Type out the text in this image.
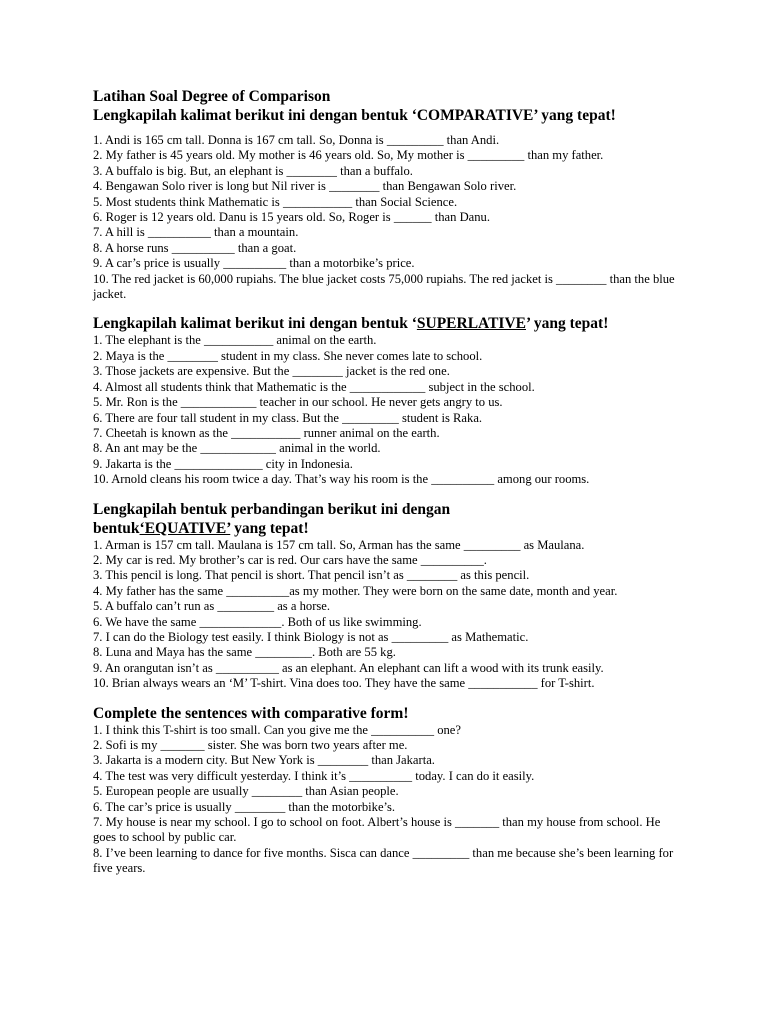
Latihan Soal Degree of Comparison
Lengkapilah kalimat berikut ini dengan bentuk ‘COMPARATIVE’ yang tepat!

1. Andi is 165 cm tall. Donna is 167 cm tall. So, Donna is _________ than Andi.

2. My father is 45 years old. My mother is 46 years old. So, My mother is _________ than my father.

3. A buffalo is big. But, an elephant is ________ than a buffalo.

4. Bengawan Solo river is long but Nil river is ________ than Bengawan Solo river.

5. Most students think Mathematic is ___________ than Social Science.

6. Roger is 12 years old. Danu is 15 years old. So, Roger is ______ than Danu.

7. A hill is __________ than a mountain.

8. A horse runs __________ than a goat.

9. A car’s price is usually __________ than a motorbike’s price.

10. The red jacket is 60,000 rupiahs. The blue jacket costs 75,000 rupiahs. The red jacket is ________ than the blue jacket.

Lengkapilah kalimat berikut ini dengan bentuk ‘SUPERLATIVE’ yang tepat!

1. The elephant is the ___________ animal on the earth.

2. Maya is the ________ student in my class. She never comes late to school.

3. Those jackets are expensive. But the ________ jacket is the red one.

4. Almost all students think that Mathematic is the ____________ subject in the school.

5. Mr. Ron is the ____________ teacher in our school. He never gets angry to us.

6. There are four tall student in my class. But the _________ student is Raka.

7. Cheetah is known as the ___________ runner animal on the earth.

8. An ant may be the ____________ animal in the world.

9. Jakarta is the ______________ city in Indonesia.

10. Arnold cleans his room twice a day. That’s way his room is the __________ among our rooms.

Lengkapilah bentuk perbandingan berikut ini dengan
bentuk‘EQUATIVE’ yang tepat!

1. Arman is 157 cm tall. Maulana is 157 cm tall. So, Arman has the same _________ as Maulana.

2. My car is red. My brother’s car is red. Our cars have the same __________.

3. This pencil is long. That pencil is short. That pencil isn’t as ________ as this pencil.

4. My father has the same __________as my mother. They were born on the same date, month and year.

5. A buffalo can’t run as _________ as a horse.

6. We have the same _____________. Both of us like swimming.

7. I can do the Biology test easily. I think Biology is not as _________ as Mathematic.

8. Luna and Maya has the same _________. Both are 55 kg.

9. An orangutan isn’t as __________ as an elephant. An elephant can lift a wood with its trunk easily.

10. Brian always wears an ‘M’ T-shirt. Vina does too. They have the same ___________ for T-shirt.

Complete the sentences with comparative form!

1. I think this T-shirt is too small. Can you give me the __________ one?

2. Sofi is my _______ sister. She was born two years after me.

3. Jakarta is a modern city. But New York is ________ than Jakarta.

4. The test was very difficult yesterday. I think it’s __________ today. I can do it easily.

5. European people are usually ________ than Asian people.

6. The car’s price is usually ________ than the motorbike’s.

7. My house is near my school. I go to school on foot. Albert’s house is _______ than my house from school. He goes to school by public car.

8. I’ve been learning to dance for five months. Sisca can dance _________ than me because she’s been learning for five years.
